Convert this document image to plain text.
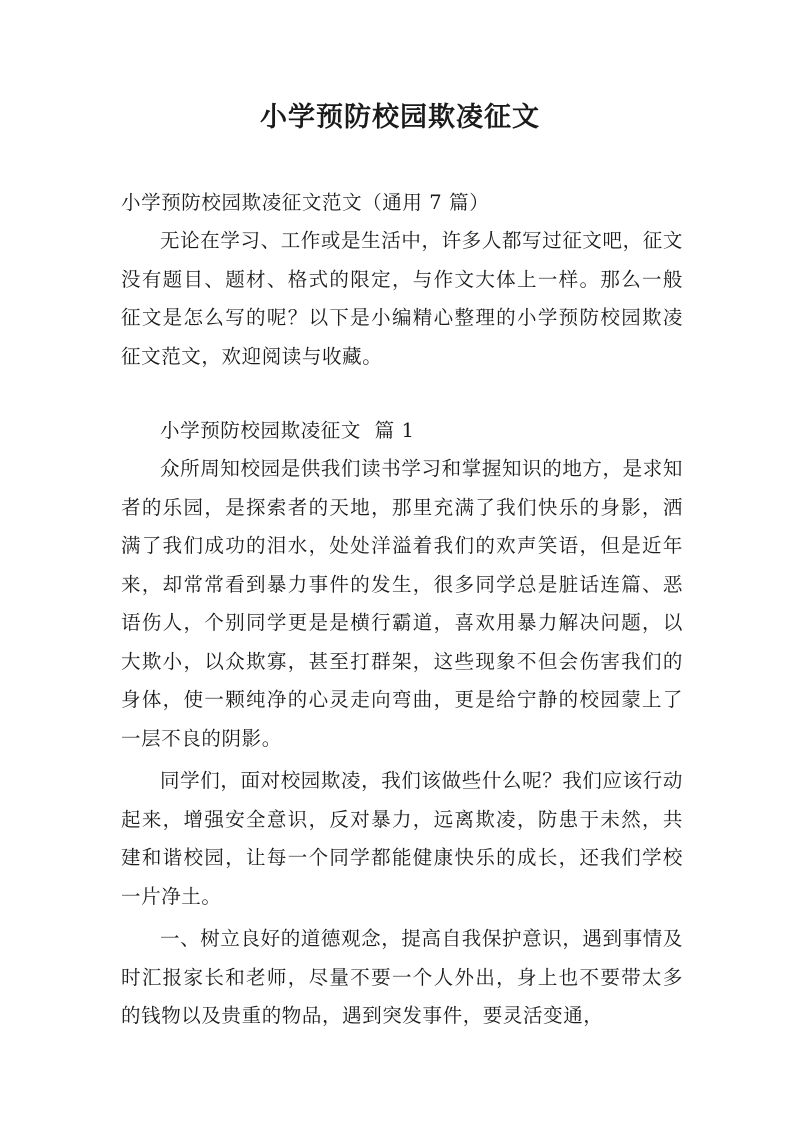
小学预防校园欺凌征文
小学预防校园欺凌征文范文（通用 7 篇）

无论在学习、工作或是生活中，许多人都写过征文吧，征文没有题目、题材、格式的限定，与作文大体上一样。那么一般征文是怎么写的呢？以下是小编精心整理的小学预防校园欺凌征文范文，欢迎阅读与收藏。

小学预防校园欺凌征文  篇 1

众所周知校园是供我们读书学习和掌握知识的地方，是求知者的乐园，是探索者的天地，那里充满了我们快乐的身影，洒满了我们成功的泪水，处处洋溢着我们的欢声笑语，但是近年来，却常常看到暴力事件的发生，很多同学总是脏话连篇、恶语伤人，个别同学更是是横行霸道，喜欢用暴力解决问题，以大欺小，以众欺寡，甚至打群架，这些现象不但会伤害我们的身体，使一颗纯净的心灵走向弯曲，更是给宁静的校园蒙上了一层不良的阴影。

同学们，面对校园欺凌，我们该做些什么呢？我们应该行动起来，增强安全意识，反对暴力，远离欺凌，防患于未然，共建和谐校园，让每一个同学都能健康快乐的成长，还我们学校一片净土。

一、树立良好的道德观念，提高自我保护意识，遇到事情及时汇报家长和老师，尽量不要一个人外出，身上也不要带太多的钱物以及贵重的物品，遇到突发事件，要灵活变通，
